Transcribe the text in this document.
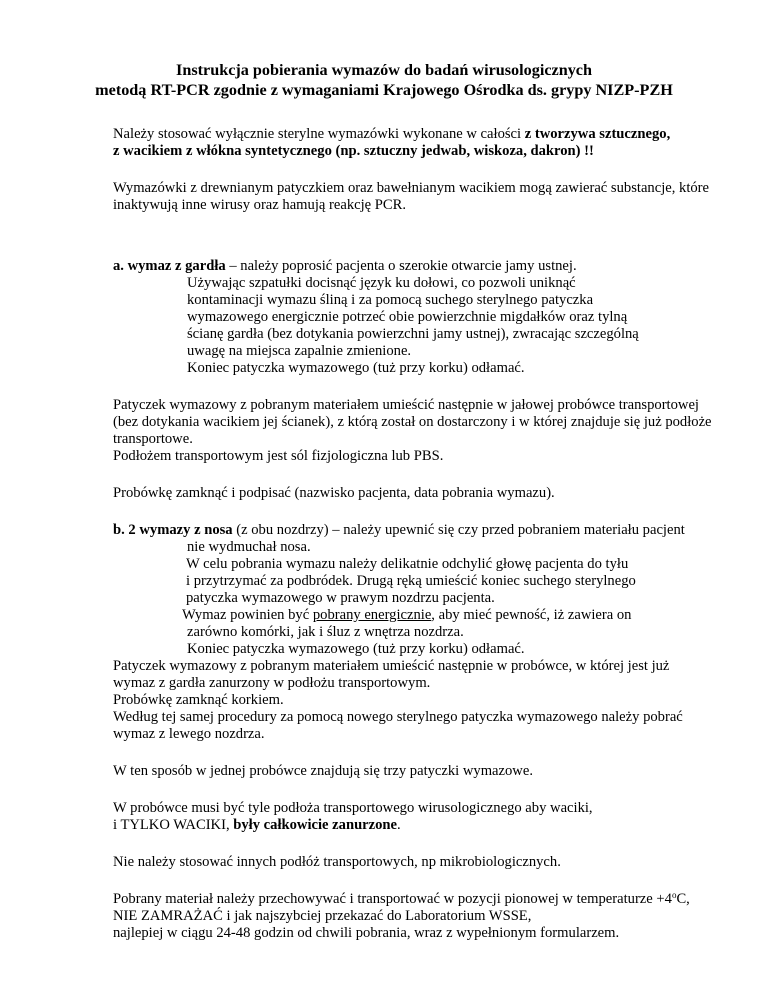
Instrukcja pobierania wymazów do badań wirusologicznych
metodą RT-PCR zgodnie z wymaganiami Krajowego Ośrodka ds. grypy NIZP-PZH
Należy stosować wyłącznie sterylne wymazówki wykonane w całości z tworzywa sztucznego,
z wacikiem z włókna syntetycznego (np. sztuczny jedwab, wiskoza, dakron) !!
Wymazówki z drewnianym patyczkiem oraz bawełnianym wacikiem mogą zawierać substancje, które
inaktywują inne wirusy oraz hamują reakcję PCR.
a. wymaz z gardła – należy poprosić pacjenta o szerokie otwarcie jamy ustnej.
Używając szpatułki docisnąć język ku dołowi, co pozwoli uniknąć
kontaminacji wymazu śliną i za pomocą suchego sterylnego patyczka
wymazowego energicznie potrzeć obie powierzchnie migdałków oraz tylną
ścianę gardła (bez dotykania powierzchni jamy ustnej), zwracając szczególną
uwagę na miejsca zapalnie zmienione.
Koniec patyczka wymazowego (tuż przy korku) odłamać.
Patyczek wymazowy z pobranym materiałem umieścić następnie w jałowej probówce transportowej
(bez dotykania wacikiem jej ścianek), z którą został on dostarczony i w której znajduje się już podłoże
transportowe.
Podłożem transportowym jest sól fizjologiczna lub PBS.
Probówkę zamknąć i podpisać (nazwisko pacjenta, data pobrania wymazu).
b. 2 wymazy z nosa (z obu nozdrzy) – należy upewnić się czy przed pobraniem materiału pacjent
nie wydmuchał nosa.
W celu pobrania wymazu należy delikatnie odchylić głowę pacjenta do tyłu
i przytrzymać za podbródek. Drugą ręką umieścić koniec suchego sterylnego
patyczka wymazowego w prawym nozdrzu pacjenta.
Wymaz powinien być pobrany energicznie, aby mieć pewność, iż zawiera on
zarówno komórki, jak i śluz z wnętrza nozdrza.
Koniec patyczka wymazowego (tuż przy korku) odłamać.
Patyczek wymazowy z pobranym materiałem umieścić następnie w probówce, w której jest już
wymaz z gardła zanurzony w podłożu transportowym.
Probówkę zamknąć korkiem.
Według tej samej procedury za pomocą nowego sterylnego patyczka wymazowego należy pobrać
wymaz z lewego nozdrza.
W ten sposób w jednej probówce znajdują się trzy patyczki wymazowe.
W probówce musi być tyle podłoża transportowego wirusologicznego aby waciki,
i TYLKO WACIKI, były całkowicie zanurzone.
Nie należy stosować innych podłóż transportowych, np mikrobiologicznych.
Pobrany materiał należy przechowywać i transportować w pozycji pionowej w temperaturze $+4^oC$,
NIE ZAMRAŻAĆ i jak najszybciej przekazać do Laboratorium WSSE,
najlepiej w ciągu 24-48 godzin od chwili pobrania, wraz z wypełnionym formularzem.
